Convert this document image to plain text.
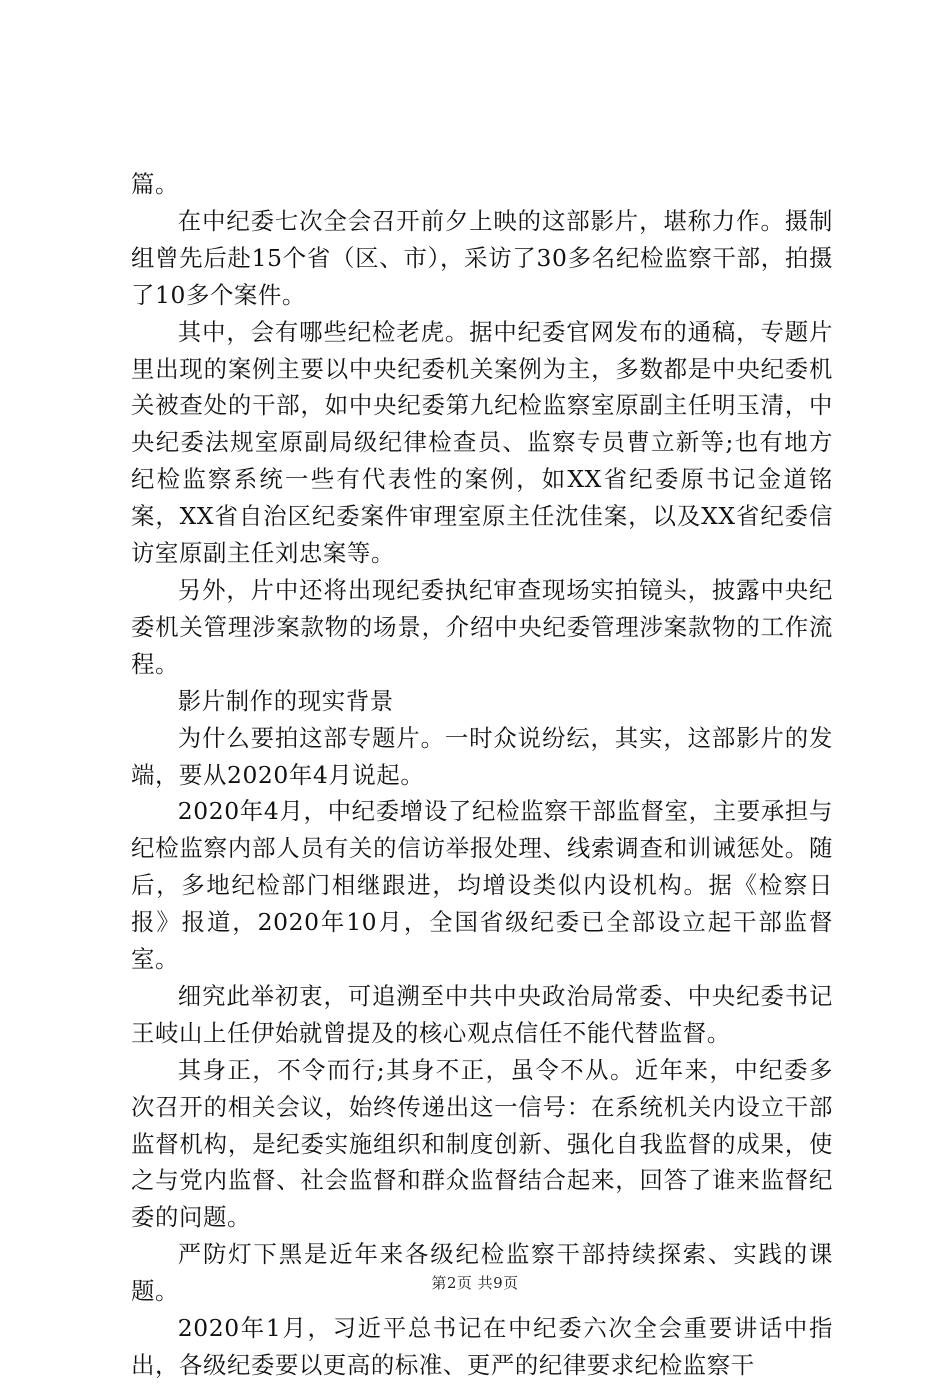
篇。

在中纪委七次全会召开前夕上映的这部影片，堪称力作。摄制组曾先后赴15个省（区、市），采访了30多名纪检监察干部，拍摄了10多个案件。

其中，会有哪些纪检老虎。据中纪委官网发布的通稿，专题片里出现的案例主要以中央纪委机关案例为主，多数都是中央纪委机关被查处的干部，如中央纪委第九纪检监察室原副主任明玉清，中央纪委法规室原副局级纪律检查员、监察专员曹立新等;也有地方纪检监察系统一些有代表性的案例，如XX省纪委原书记金道铭案，XX省自治区纪委案件审理室原主任沈佳案，以及XX省纪委信访室原副主任刘忠案等。

另外，片中还将出现纪委执纪审查现场实拍镜头，披露中央纪委机关管理涉案款物的场景，介绍中央纪委管理涉案款物的工作流程。

影片制作的现实背景

为什么要拍这部专题片。一时众说纷纭，其实，这部影片的发端，要从2020年4月说起。

2020年4月，中纪委增设了纪检监察干部监督室，主要承担与纪检监察内部人员有关的信访举报处理、线索调查和训诫惩处。随后，多地纪检部门相继跟进，均增设类似内设机构。据《检察日报》报道，2020年10月，全国省级纪委已全部设立起干部监督室。

细究此举初衷，可追溯至中共中央政治局常委、中央纪委书记王岐山上任伊始就曾提及的核心观点信任不能代替监督。

其身正，不令而行;其身不正，虽令不从。近年来，中纪委多次召开的相关会议，始终传递出这一信号：在系统机关内设立干部监督机构，是纪委实施组织和制度创新、强化自我监督的成果，使之与党内监督、社会监督和群众监督结合起来，回答了谁来监督纪委的问题。

严防灯下黑是近年来各级纪检监察干部持续探索、实践的课题。

2020年1月，习近平总书记在中纪委六次全会重要讲话中指出，各级纪委要以更高的标准、更严的纪律要求纪检监察干

第2页 共9页
